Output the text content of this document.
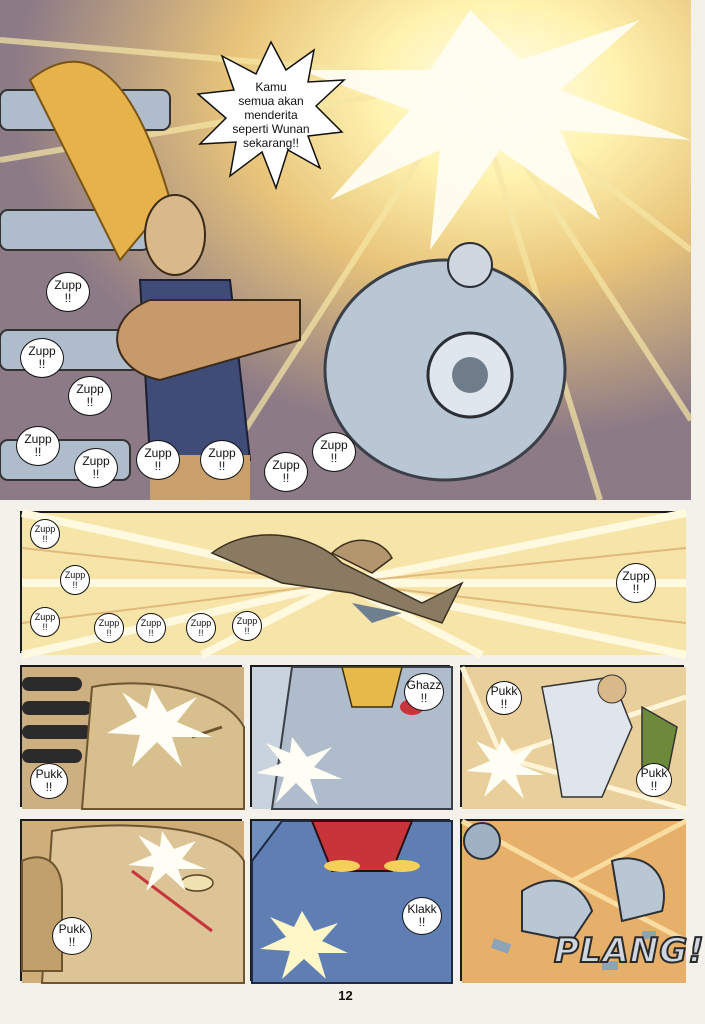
Kamu
semua akan
menderita
seperti Wunan
sekarang!!
Zupp
!!
Zupp
!!
Zupp
!!
Zupp
!!
Zupp
!!
Zupp
!!
Zupp
!!	Zupp
!!
Zupp
!!
Zupp
!!
Zupp
!!
Zupp
!!	Zupp
!!
Zupp
!!
Zupp
!!
Zupp
!!
Zupp
!!
Pukk
!!
Ghazz
!!	Pukk
!!
Pukk
!!
Pukk
!!
Klakk
!!
PLANG!
12
